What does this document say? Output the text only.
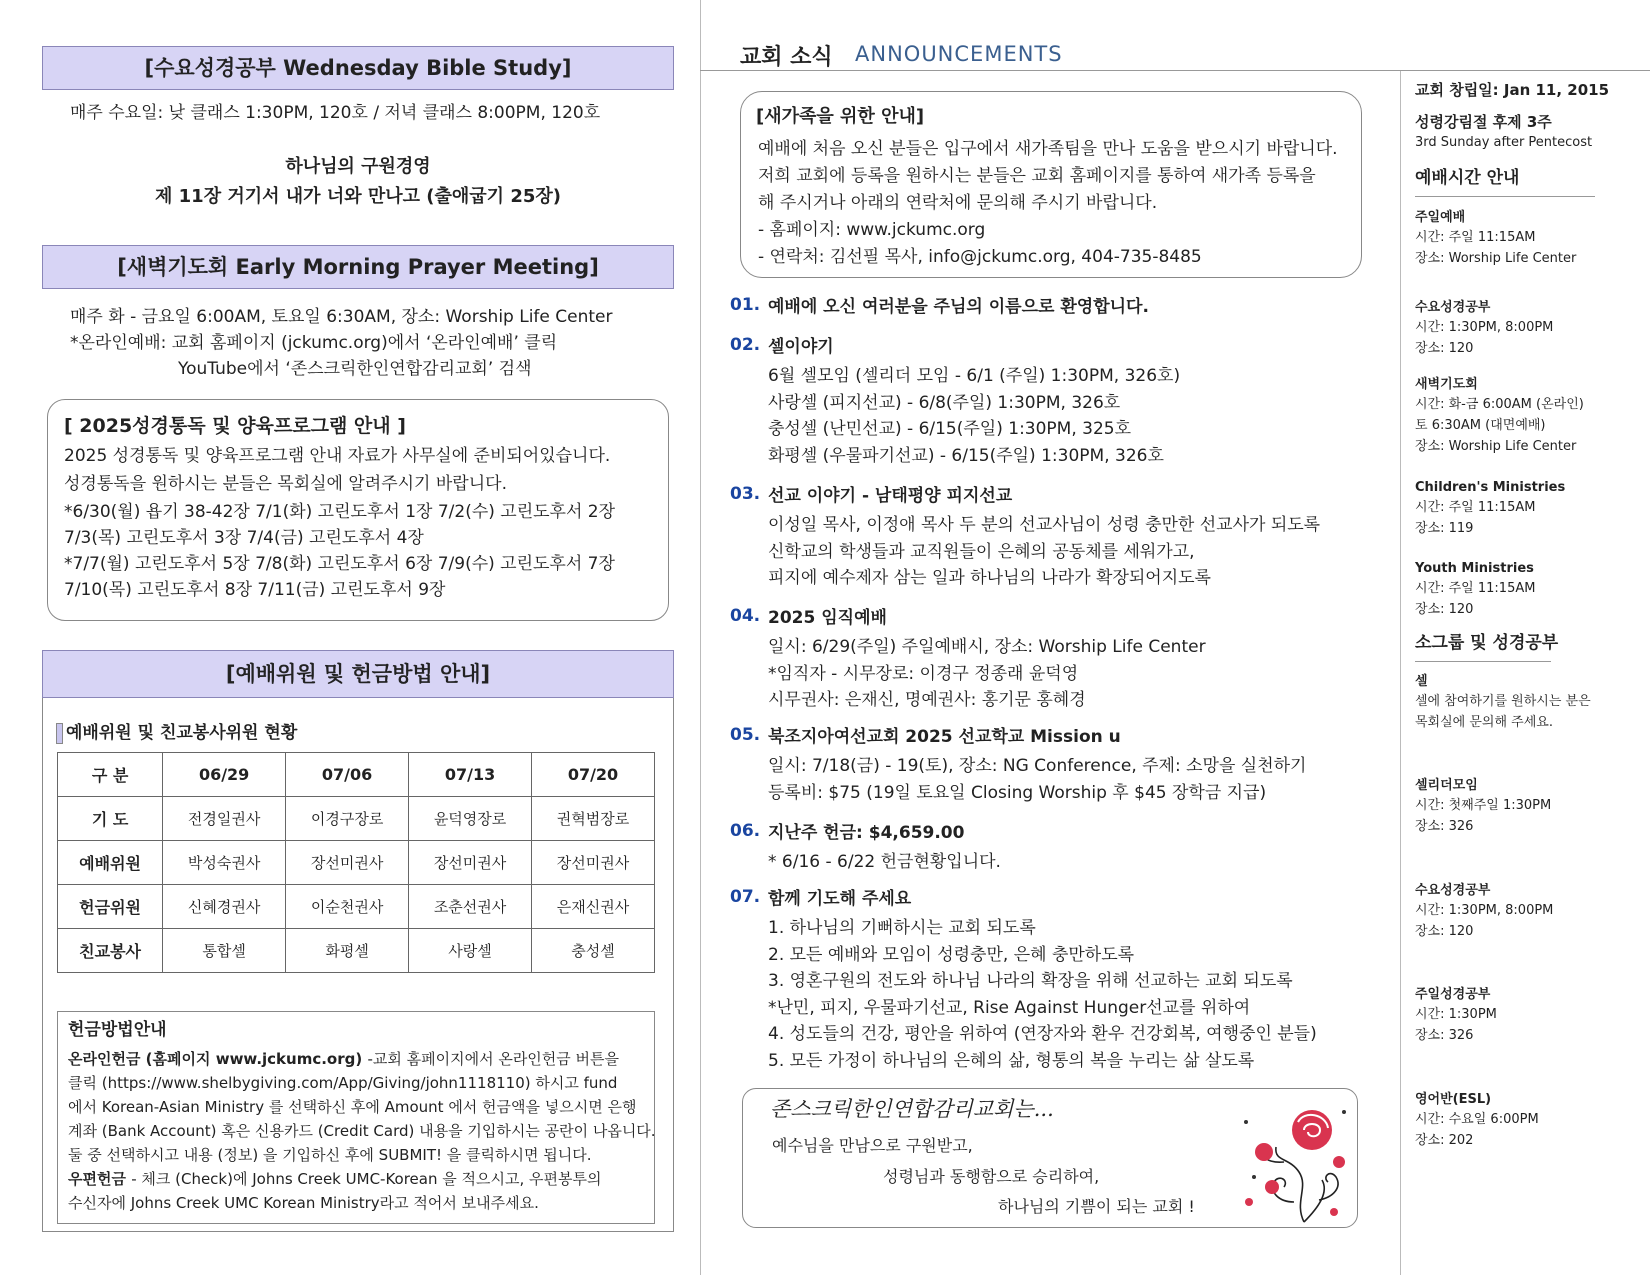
[수요성경공부 Wednesday Bible Study]
매주 수요일: 낮 클래스 1:30PM, 120호 / 저녁 클래스 8:00PM, 120호
하나님의 구원경영
제 11장 거기서 내가 너와 만나고 (출애굽기 25장)
[새벽기도회 Early Morning Prayer Meeting]
매주 화 - 금요일 6:00AM, 토요일 6:30AM, 장소: Worship Life Center
*온라인예배: 교회 홈페이지 (jckumc.org)에서 ‘온라인예배’ 클릭
YouTube에서 ‘존스크릭한인연합감리교회’ 검색
[ 2025성경통독 및 양육프로그램 안내 ]
2025 성경통독 및 양육프로그램 안내 자료가 사무실에 준비되어있습니다.
성경통독을 원하시는 분들은 목회실에 알려주시기 바랍니다.
*6/30(월) 욥기 38-42장 7/1(화) 고린도후서 1장 7/2(수) 고린도후서 2장
7/3(목) 고린도후서 3장 7/4(금) 고린도후서 4장
*7/7(월) 고린도후서 5장 7/8(화) 고린도후서 6장 7/9(수) 고린도후서 7장
7/10(목) 고린도후서 8장 7/11(금) 고린도후서 9장
[예배위원 및 헌금방법 안내]
예배위원 및 친교봉사위원 현황
구 분	06/29	07/06	07/13	07/20
기 도	전경일권사	이경구장로	윤덕영장로	권혁범장로
예배위원	박성숙권사	장선미권사	장선미권사	장선미권사
헌금위원	신혜경권사	이순천권사	조춘선권사	은재신권사
친교봉사	통합셀	화평셀	사랑셀	충성셀
헌금방법안내
온라인헌금 (홈페이지 www.jckumc.org) -교회 홈페이지에서 온라인헌금 버튼을
클릭 (https://www.shelbygiving.com/App/Giving/john1118110) 하시고 fund
에서 Korean-Asian Ministry 를 선택하신 후에 Amount 에서 헌금액을 넣으시면 은행
계좌 (Bank Account) 혹은 신용카드 (Credit Card) 내용을 기입하시는 공란이 나옵니다.
둘 중 선택하시고 내용 (정보) 을 기입하신 후에 SUBMIT! 을 클릭하시면 됩니다.
우편헌금 - 체크 (Check)에 Johns Creek UMC-Korean 을 적으시고, 우편봉투의
수신자에 Johns Creek UMC Korean Ministry라고 적어서 보내주세요.
교회 소식 ANNOUNCEMENTS
[새가족을 위한 안내]
예배에 처음 오신 분들은 입구에서 새가족팀을 만나 도움을 받으시기 바랍니다.
저희 교회에 등록을 원하시는 분들은 교회 홈페이지를 통하여 새가족 등록을
해 주시거나 아래의 연락처에 문의해 주시기 바랍니다.
- 홈페이지: www.jckumc.org
- 연락처: 김선필 목사, info@jckumc.org, 404-735-8485
01. 예배에 오신 여러분을 주님의 이름으로 환영합니다.
02. 셀이야기
6월 셀모임 (셀리더 모임 - 6/1 (주일) 1:30PM, 326호)
사랑셀 (피지선교) - 6/8(주일) 1:30PM, 326호
충성셀 (난민선교) - 6/15(주일) 1:30PM, 325호
화평셀 (우물파기선교) - 6/15(주일) 1:30PM, 326호
03. 선교 이야기 - 남태평양 피지선교
이성일 목사, 이정애 목사 두 분의 선교사님이 성령 충만한 선교사가 되도록
신학교의 학생들과 교직원들이 은혜의 공동체를 세워가고,
피지에 예수제자 삼는 일과 하나님의 나라가 확장되어지도록
04. 2025 임직예배
일시: 6/29(주일) 주일예배시, 장소: Worship Life Center
*임직자 - 시무장로: 이경구 정종래 윤덕영
시무권사: 은재신, 명예권사: 홍기문 홍혜경
05. 북조지아여선교회 2025 선교학교 Mission u
일시: 7/18(금) - 19(토), 장소: NG Conference, 주제: 소망을 실천하기
등록비: $75 (19일 토요일 Closing Worship 후 $45 장학금 지급)
06. 지난주 헌금: $4,659.00
* 6/16 - 6/22 헌금현황입니다.
07. 함께 기도해 주세요
1. 하나님의 기뻐하시는 교회 되도록
2. 모든 예배와 모임이 성령충만, 은혜 충만하도록
3. 영혼구원의 전도와 하나님 나라의 확장을 위해 선교하는 교회 되도록
*난민, 피지, 우물파기선교, Rise Against Hunger선교를 위하여
4. 성도들의 건강, 평안을 위하여 (연장자와 환우 건강회복, 여행중인 분들)
5. 모든 가정이 하나님의 은혜의 삶, 형통의 복을 누리는 삶 살도록
존스크릭한인연합감리교회는...
예수님을 만남으로 구원받고,
성령님과 동행함으로 승리하여,
하나님의 기쁨이 되는 교회 !
교회 창립일: Jan 11, 2015
성령강림절 후제 3주
3rd Sunday after Pentecost
예배시간 안내
주일예배
시간: 주일 11:15AM
장소: Worship Life Center
수요성경공부
시간: 1:30PM, 8:00PM
장소: 120
새벽기도회
시간: 화-금 6:00AM (온라인)
토 6:30AM (대면예배)
장소: Worship Life Center
Children's Ministries
시간: 주일 11:15AM
장소: 119
Youth Ministries
시간: 주일 11:15AM
장소: 120
소그룹 및 성경공부
셀
셀에 참여하기를 원하시는 분은
목회실에 문의해 주세요.
셀리더모임
시간: 첫째주일 1:30PM
장소: 326
수요성경공부
시간: 1:30PM, 8:00PM
장소: 120
주일성경공부
시간: 1:30PM
장소: 326
영어반(ESL)
시간: 수요일 6:00PM
장소: 202
